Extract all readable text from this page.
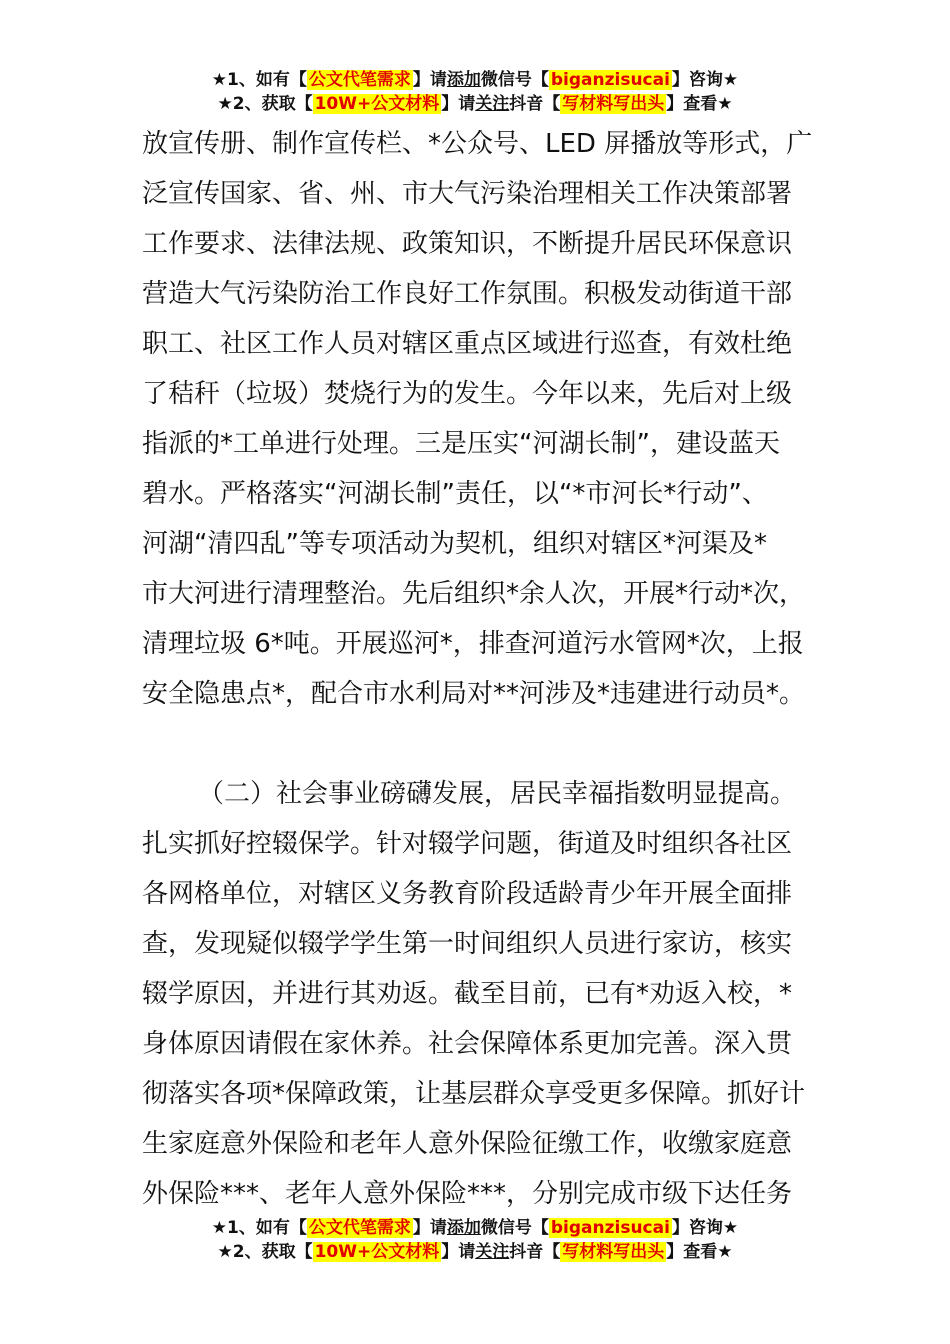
★1、如有【 公文代笔需求 】请添加微信号【 biganzisucai 】咨询★
★2、获取【 10W+公文材料 】请关注抖音【 写材料写出头 】查看★
放宣传册、制作宣传栏、*公众号、LED 屏播放等形式，广
泛宣传国家、省、州、市大气污染治理相关工作决策部署
工作要求、法律法规、政策知识，不断提升居民环保意识
营造大气污染防治工作良好工作氛围。积极发动街道干部
职工、社区工作人员对辖区重点区域进行巡查，有效杜绝
了秸秆（垃圾）焚烧行为的发生。今年以来，先后对上级
指派的*工单进行处理。三是压实“河湖长制”，建设蓝天
碧水。严格落实“河湖长制”责任，以“*市河长*行动”、
河湖“清四乱”等专项活动为契机，组织对辖区*河渠及*
市大河进行清理整治。先后组织*余人次，开展*行动*次，
清理垃圾 6*吨。开展巡河*，排查河道污水管网*次，上报
安全隐患点*，配合市水利局对**河涉及*违建进行动员*。
（二）社会事业磅礴发展，居民幸福指数明显提高。
扎实抓好控辍保学。针对辍学问题，街道及时组织各社区
各网格单位，对辖区义务教育阶段适龄青少年开展全面排
查，发现疑似辍学学生第一时间组织人员进行家访，核实
辍学原因，并进行其劝返。截至目前，已有*劝返入校，*
身体原因请假在家休养。社会保障体系更加完善。深入贯
彻落实各项*保障政策，让基层群众享受更多保障。抓好计
生家庭意外保险和老年人意外保险征缴工作，收缴家庭意
外保险***、老年人意外保险***，分别完成市级下达任务
★1、如有【 公文代笔需求 】请添加微信号【 biganzisucai 】咨询★
★2、获取【 10W+公文材料 】请关注抖音【 写材料写出头 】查看★
